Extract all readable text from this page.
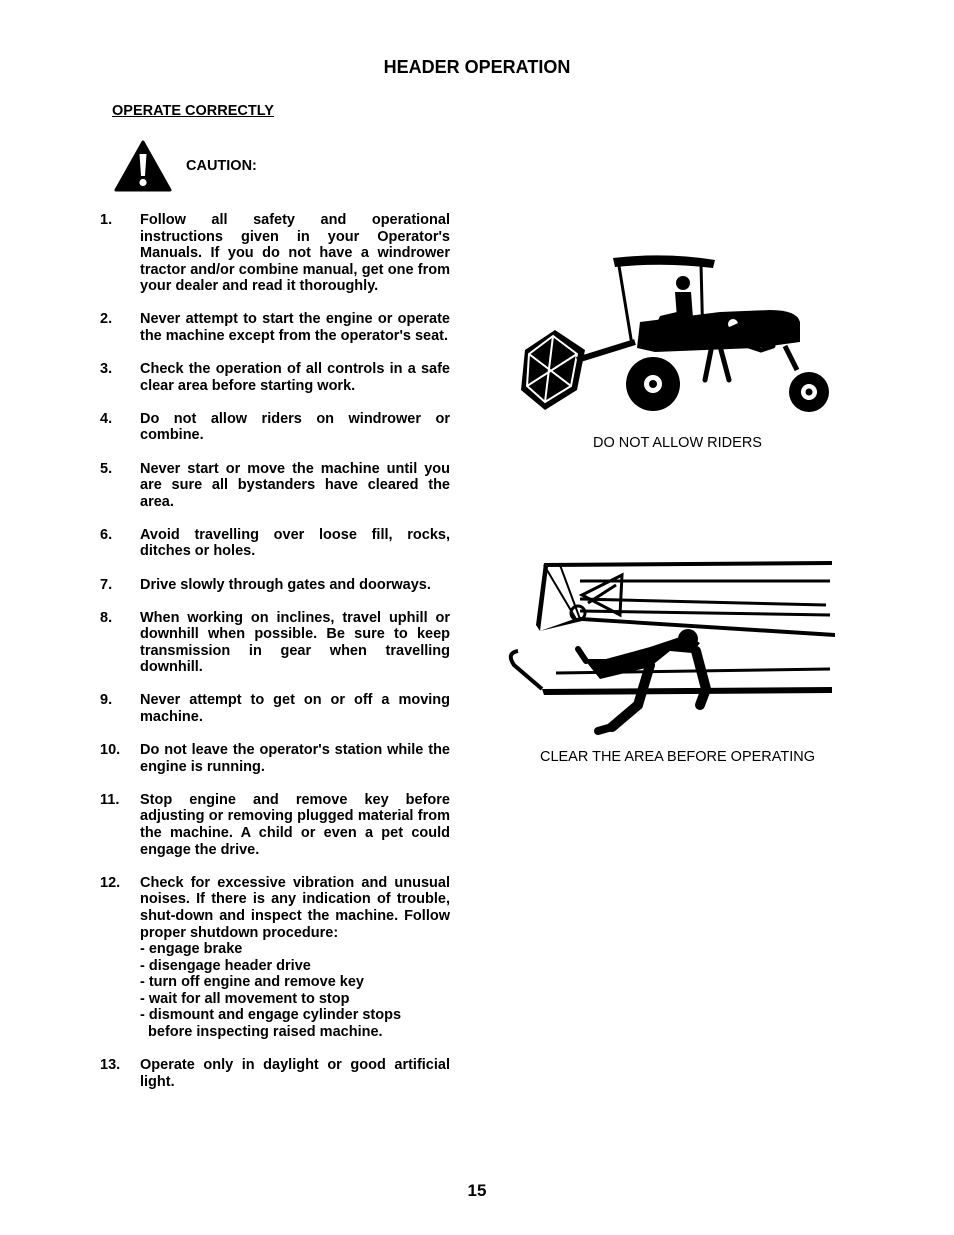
HEADER OPERATION
OPERATE CORRECTLY
CAUTION:
1.	Follow all safety and operational instructions given in your Operator's Manuals. If you do not have a windrower tractor and/or combine manual, get one from your dealer and read it thoroughly.
2.	Never attempt to start the engine or operate the machine except from the operator's seat.
3.	Check the operation of all controls in a safe clear area before starting work.
4.	Do not allow riders on windrower or combine.
5.	Never start or move the machine until you are sure all bystanders have cleared the area.
6.	Avoid travelling over loose fill, rocks, ditches or holes.
7.	Drive slowly through gates and doorways.
8.	When working on inclines, travel uphill or downhill when possible. Be sure to keep transmission in gear when travelling downhill.
9.	Never attempt to get on or off a moving machine.
10.	Do not leave the operator's station while the engine is running.
11.	Stop engine and remove key before adjusting or removing plugged material from the machine. A child or even a pet could engage the drive.
12.	Check for excessive vibration and unusual noises. If there is any indication of trouble, shut-down and inspect the machine. Follow proper shutdown procedure:
- engage brake
- disengage header drive
- turn off engine and remove key
- wait for all movement to stop
- dismount and engage cylinder stops
before inspecting raised machine.
13.	Operate only in daylight or good artificial light.
DO NOT ALLOW RIDERS
CLEAR THE AREA BEFORE OPERATING
15
